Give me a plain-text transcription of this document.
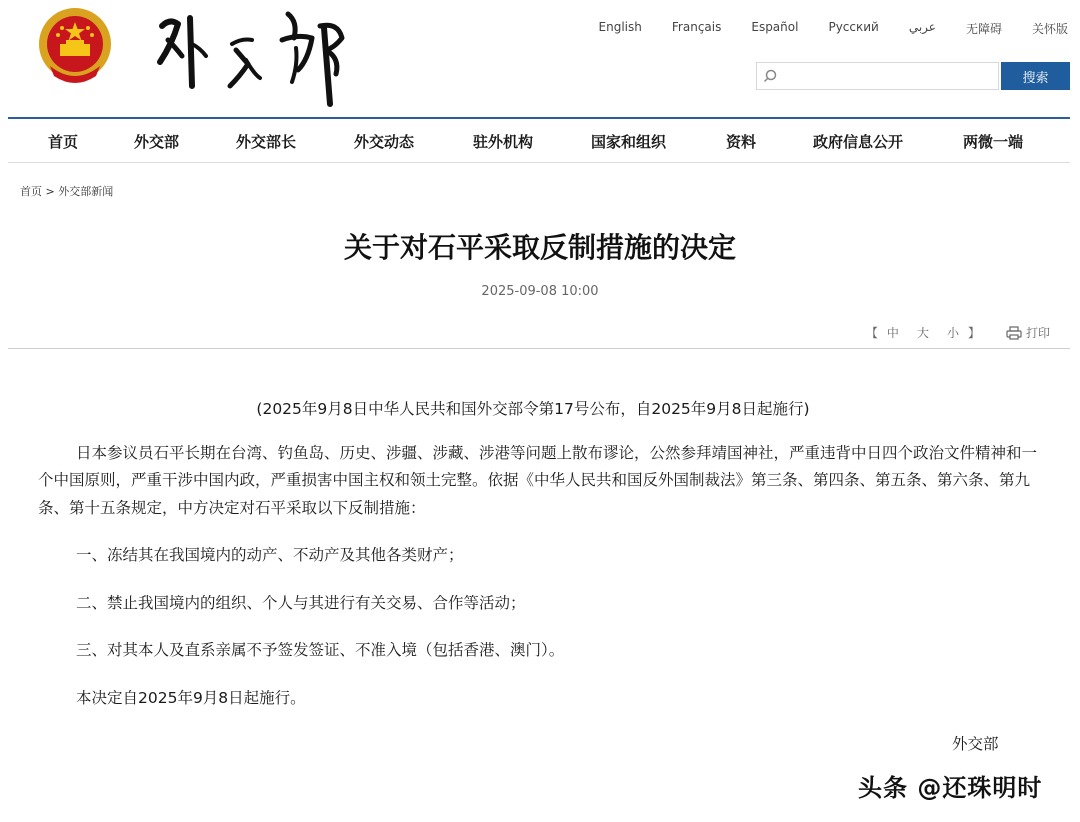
English	Français	Español	Русский	عربي	无障碍	关怀版
搜索
首页	外交部	外交部长	外交动态	驻外机构	国家和组织	资料	政府信息公开	两微一端
首页 > 外交部新闻
关于对石平采取反制措施的决定
2025-09-08 10:00
【 中 大 小 】	打印

(2025年9月8日中华人民共和国外交部令第17号公布，自2025年9月8日起施行)

日本参议员石平长期在台湾、钓鱼岛、历史、涉疆、涉藏、涉港等问题上散布谬论，公然参拜靖国神社，严重违背中日四个政治文件精神和一个中国原则，严重干涉中国内政，严重损害中国主权和领土完整。依据《中华人民共和国反外国制裁法》第三条、第四条、第五条、第六条、第九条、第十五条规定，中方决定对石平采取以下反制措施：

一、冻结其在我国境内的动产、不动产及其他各类财产；

二、禁止我国境内的组织、个人与其进行有关交易、合作等活动；

三、对其本人及直系亲属不予签发签证、不准入境（包括香港、澳门）。

本决定自2025年9月8日起施行。

外交部
头条 @还珠明时
